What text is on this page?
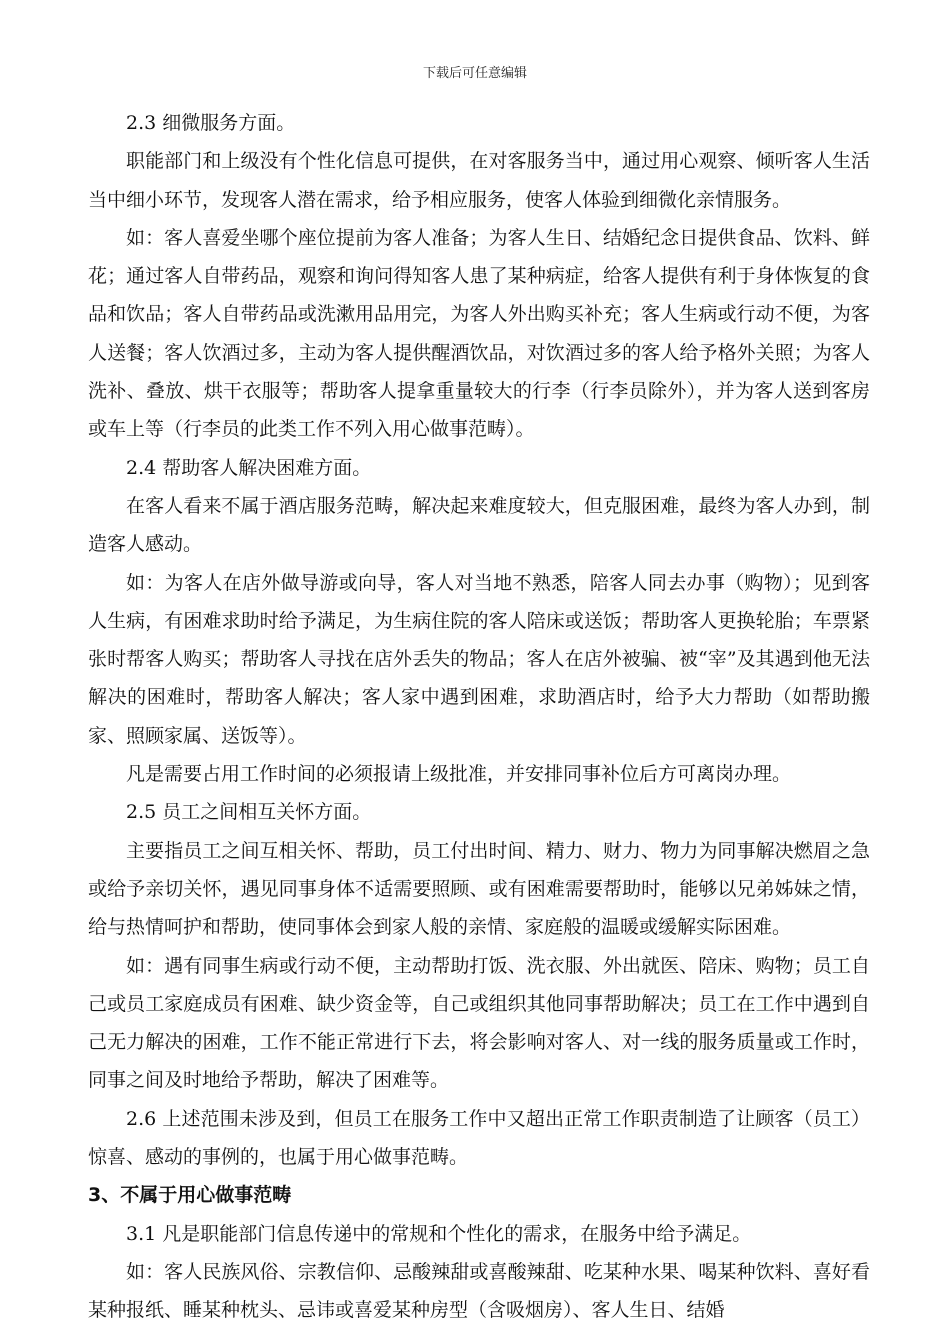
下载后可任意编辑

2.3 细微服务方面。

职能部门和上级没有个性化信息可提供，在对客服务当中，通过用心观察、倾听客人生活当中细小环节，发现客人潜在需求，给予相应服务，使客人体验到细微化亲情服务。

如：客人喜爱坐哪个座位提前为客人准备；为客人生日、结婚纪念日提供食品、饮料、鲜花；通过客人自带药品，观察和询问得知客人患了某种病症，给客人提供有利于身体恢复的食品和饮品；客人自带药品或洗漱用品用完，为客人外出购买补充；客人生病或行动不便，为客人送餐；客人饮酒过多，主动为客人提供醒酒饮品，对饮酒过多的客人给予格外关照；为客人洗补、叠放、烘干衣服等；帮助客人提拿重量较大的行李（行李员除外），并为客人送到客房或车上等（行李员的此类工作不列入用心做事范畴）。

2.4 帮助客人解决困难方面。

在客人看来不属于酒店服务范畴，解决起来难度较大，但克服困难，最终为客人办到，制造客人感动。

如：为客人在店外做导游或向导，客人对当地不熟悉，陪客人同去办事（购物）；见到客人生病，有困难求助时给予满足，为生病住院的客人陪床或送饭；帮助客人更换轮胎；车票紧张时帮客人购买；帮助客人寻找在店外丢失的物品；客人在店外被骗、被“宰”及其遇到他无法解决的困难时，帮助客人解决；客人家中遇到困难，求助酒店时，给予大力帮助（如帮助搬家、照顾家属、送饭等）。

凡是需要占用工作时间的必须报请上级批准，并安排同事补位后方可离岗办理。

2.5 员工之间相互关怀方面。

主要指员工之间互相关怀、帮助，员工付出时间、精力、财力、物力为同事解决燃眉之急或给予亲切关怀，遇见同事身体不适需要照顾、或有困难需要帮助时，能够以兄弟姊妹之情，给与热情呵护和帮助，使同事体会到家人般的亲情、家庭般的温暖或缓解实际困难。

如：遇有同事生病或行动不便，主动帮助打饭、洗衣服、外出就医、陪床、购物；员工自己或员工家庭成员有困难、缺少资金等，自己或组织其他同事帮助解决；员工在工作中遇到自己无力解决的困难，工作不能正常进行下去，将会影响对客人、对一线的服务质量或工作时，同事之间及时地给予帮助，解决了困难等。

2.6 上述范围未涉及到，但员工在服务工作中又超出正常工作职责制造了让顾客（员工）惊喜、感动的事例的，也属于用心做事范畴。

3、不属于用心做事范畴

3.1 凡是职能部门信息传递中的常规和个性化的需求，在服务中给予满足。

如：客人民族风俗、宗教信仰、忌酸辣甜或喜酸辣甜、吃某种水果、喝某种饮料、喜好看某种报纸、睡某种枕头、忌讳或喜爱某种房型（含吸烟房）、客人生日、结婚
